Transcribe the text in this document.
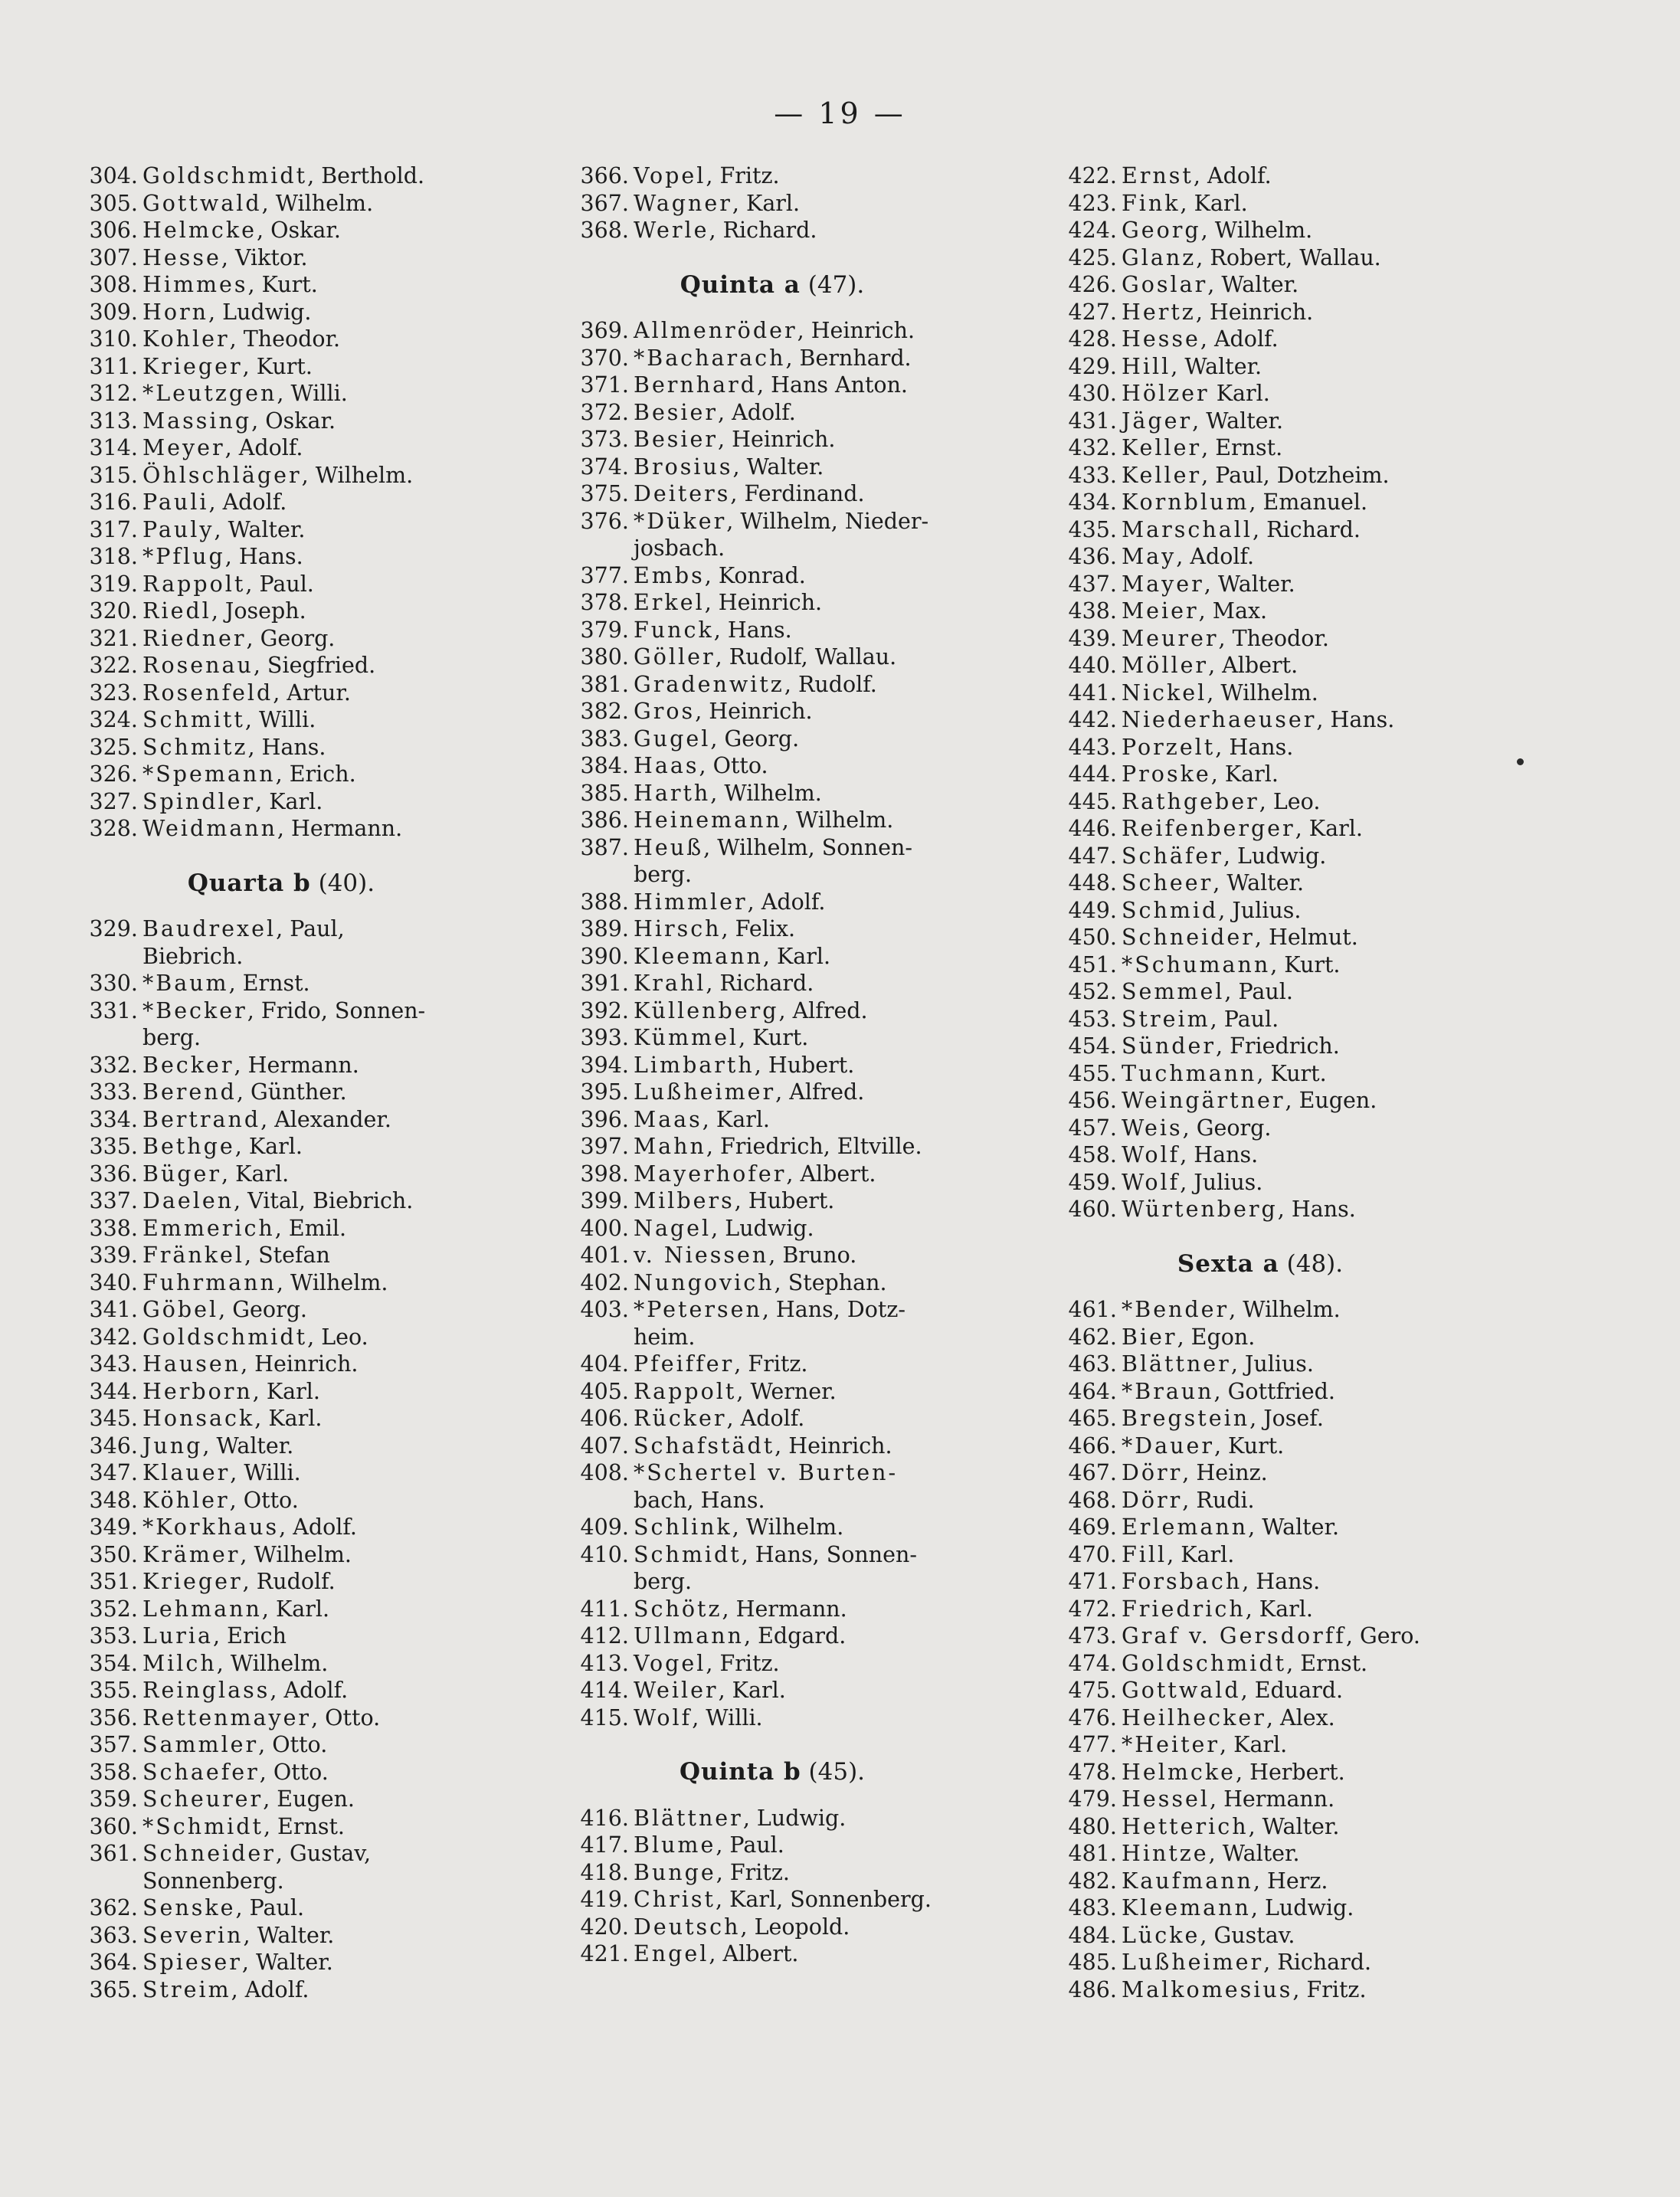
— 19 —
304. Goldschmidt, Berthold.
305. Gottwald, Wilhelm.
306. Helmcke, Oskar.
307. Hesse, Viktor.
308. Himmes, Kurt.
309. Horn, Ludwig.
310. Kohler, Theodor.
311. Krieger, Kurt.
312. *Leutzgen, Willi.
313. Massing, Oskar.
314. Meyer, Adolf.
315. Öhlschläger, Wilhelm.
316. Pauli, Adolf.
317. Pauly, Walter.
318. *Pflug, Hans.
319. Rappolt, Paul.
320. Riedl, Joseph.
321. Riedner, Georg.
322. Rosenau, Siegfried.
323. Rosenfeld, Artur.
324. Schmitt, Willi.
325. Schmitz, Hans.
326. *Spemann, Erich.
327. Spindler, Karl.
328. Weidmann, Hermann.
Quarta b (40).
329. Baudrexel, Paul,
Biebrich.
330. *Baum, Ernst.
331. *Becker, Frido, Sonnen-
berg.
332. Becker, Hermann.
333. Berend, Günther.
334. Bertrand, Alexander.
335. Bethge, Karl.
336. Büger, Karl.
337. Daelen, Vital, Biebrich.
338. Emmerich, Emil.
339. Fränkel, Stefan
340. Fuhrmann, Wilhelm.
341. Göbel, Georg.
342. Goldschmidt, Leo.
343. Hausen, Heinrich.
344. Herborn, Karl.
345. Honsack, Karl.
346. Jung, Walter.
347. Klauer, Willi.
348. Köhler, Otto.
349. *Korkhaus, Adolf.
350. Krämer, Wilhelm.
351. Krieger, Rudolf.
352. Lehmann, Karl.
353. Luria, Erich
354. Milch, Wilhelm.
355. Reinglass, Adolf.
356. Rettenmayer, Otto.
357. Sammler, Otto.
358. Schaefer, Otto.
359. Scheurer, Eugen.
360. *Schmidt, Ernst.
361. Schneider, Gustav,
Sonnenberg.
362. Senske, Paul.
363. Severin, Walter.
364. Spieser, Walter.
365. Streim, Adolf.
366. Vopel, Fritz.
367. Wagner, Karl.
368. Werle, Richard.
Quinta a (47).
369. Allmenröder, Heinrich.
370. *Bacharach, Bernhard.
371. Bernhard, Hans Anton.
372. Besier, Adolf.
373. Besier, Heinrich.
374. Brosius, Walter.
375. Deiters, Ferdinand.
376. *Düker, Wilhelm, Nieder-
josbach.
377. Embs, Konrad.
378. Erkel, Heinrich.
379. Funck, Hans.
380. Göller, Rudolf, Wallau.
381. Gradenwitz, Rudolf.
382. Gros, Heinrich.
383. Gugel, Georg.
384. Haas, Otto.
385. Harth, Wilhelm.
386. Heinemann, Wilhelm.
387. Heuß, Wilhelm, Sonnen-
berg.
388. Himmler, Adolf.
389. Hirsch, Felix.
390. Kleemann, Karl.
391. Krahl, Richard.
392. Küllenberg, Alfred.
393. Kümmel, Kurt.
394. Limbarth, Hubert.
395. Lußheimer, Alfred.
396. Maas, Karl.
397. Mahn, Friedrich, Eltville.
398. Mayerhofer, Albert.
399. Milbers, Hubert.
400. Nagel, Ludwig.
401. v. Niessen, Bruno.
402. Nungovich, Stephan.
403. *Petersen, Hans, Dotz-
heim.
404. Pfeiffer, Fritz.
405. Rappolt, Werner.
406. Rücker, Adolf.
407. Schafstädt, Heinrich.
408. *Schertel v. Burten-
bach, Hans.
409. Schlink, Wilhelm.
410. Schmidt, Hans, Sonnen-
berg.
411. Schötz, Hermann.
412. Ullmann, Edgard.
413. Vogel, Fritz.
414. Weiler, Karl.
415. Wolf, Willi.
Quinta b (45).
416. Blättner, Ludwig.
417. Blume, Paul.
418. Bunge, Fritz.
419. Christ, Karl, Sonnenberg.
420. Deutsch, Leopold.
421. Engel, Albert.
422. Ernst, Adolf.
423. Fink, Karl.
424. Georg, Wilhelm.
425. Glanz, Robert, Wallau.
426. Goslar, Walter.
427. Hertz, Heinrich.
428. Hesse, Adolf.
429. Hill, Walter.
430. Hölzer Karl.
431. Jäger, Walter.
432. Keller, Ernst.
433. Keller, Paul, Dotzheim.
434. Kornblum, Emanuel.
435. Marschall, Richard.
436. May, Adolf.
437. Mayer, Walter.
438. Meier, Max.
439. Meurer, Theodor.
440. Möller, Albert.
441. Nickel, Wilhelm.
442. Niederhaeuser, Hans.
443. Porzelt, Hans.
444. Proske, Karl.
445. Rathgeber, Leo.
446. Reifenberger, Karl.
447. Schäfer, Ludwig.
448. Scheer, Walter.
449. Schmid, Julius.
450. Schneider, Helmut.
451. *Schumann, Kurt.
452. Semmel, Paul.
453. Streim, Paul.
454. Sünder, Friedrich.
455. Tuchmann, Kurt.
456. Weingärtner, Eugen.
457. Weis, Georg.
458. Wolf, Hans.
459. Wolf, Julius.
460. Würtenberg, Hans.
Sexta a (48).
461. *Bender, Wilhelm.
462. Bier, Egon.
463. Blättner, Julius.
464. *Braun, Gottfried.
465. Bregstein, Josef.
466. *Dauer, Kurt.
467. Dörr, Heinz.
468. Dörr, Rudi.
469. Erlemann, Walter.
470. Fill, Karl.
471. Forsbach, Hans.
472. Friedrich, Karl.
473. Graf v. Gersdorff, Gero.
474. Goldschmidt, Ernst.
475. Gottwald, Eduard.
476. Heilhecker, Alex.
477. *Heiter, Karl.
478. Helmcke, Herbert.
479. Hessel, Hermann.
480. Hetterich, Walter.
481. Hintze, Walter.
482. Kaufmann, Herz.
483. Kleemann, Ludwig.
484. Lücke, Gustav.
485. Lußheimer, Richard.
486. Malkomesius, Fritz.
